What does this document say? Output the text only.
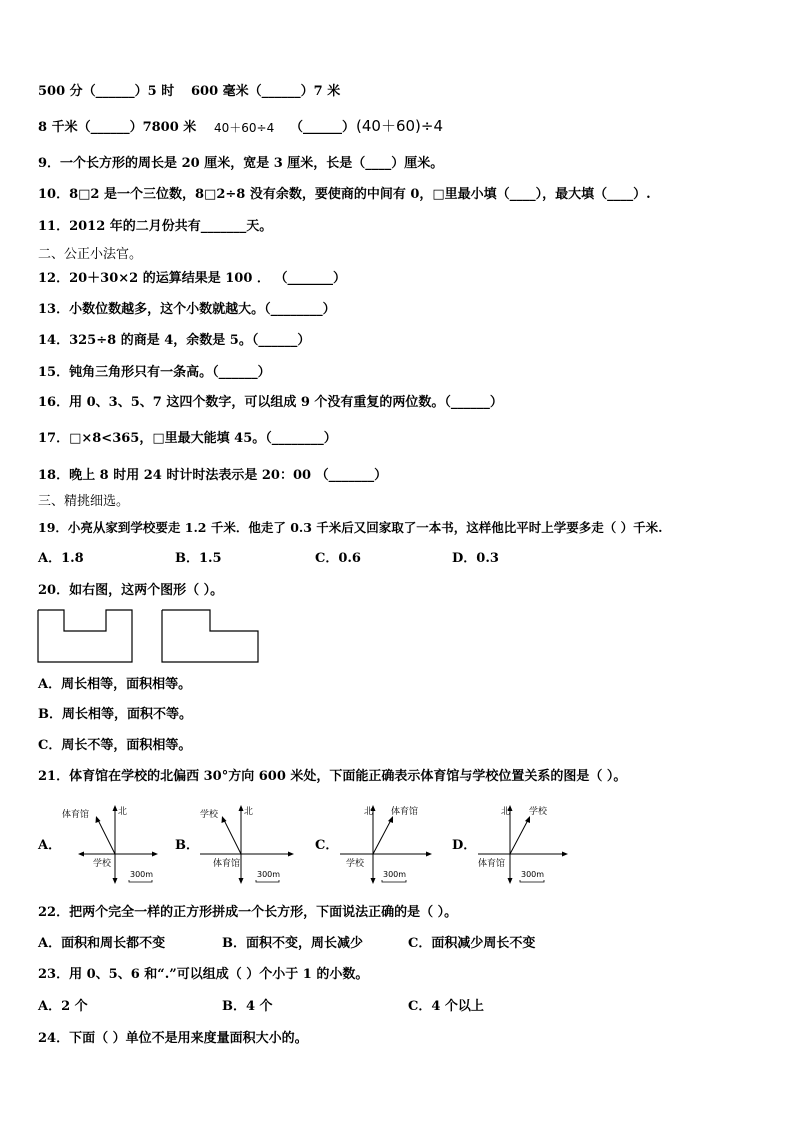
500 分（______）5 时 600 毫米（______）7 米
8 千米（______）7800 米 40＋60÷4 （______） (40＋60)÷4
9．一个长方形的周长是 20 厘米，宽是 3 厘米，长是（____）厘米。
10．8□2 是一个三位数，8□2÷8 没有余数，要使商的中间有 0，□里最小填（____），最大填（____）.
11．2012 年的二月份共有_______天。
二、公正小法官。
12．20＋30×2 的运算结果是 100 ． （_______）
13．小数位数越多，这个小数就越大。（________）
14．325÷8 的商是 4，余数是 5。（______）
15．钝角三角形只有一条高。（______）
16．用 0、3、5、7 这四个数字，可以组成 9 个没有重复的两位数。（______）
17．□×8<365，□里最大能填 45。（________）
18．晚上 8 时用 24 时计时法表示是 20：00 （_______）
三、精挑细选。
19．小亮从家到学校要走 1.2 千米．他走了 0.3 千米后又回家取了一本书，这样他比平时上学要多走（ ）千米.
A．1.8	B．1.5	C．0.6	D．0.3
20．如右图，这两个图形（ ）。
A．周长相等，面积相等。
B．周长相等，面积不等。
C．周长不等，面积相等。
21．体育馆在学校的北偏西 30°方向 600 米处，下面能正确表示体育馆与学校位置关系的图是（ ）。
A．	B．	C．	D．
体育馆	北
学校
300m
学校	北
体育馆
300m
北 体育馆
学校
300m
北 学校
体育馆
300m
22．把两个完全一样的正方形拼成一个长方形，下面说法正确的是（ ）。
A．面积和周长都不变	B．面积不变，周长减少	C．面积减少周长不变
23．用 0、5、6 和“.”可以组成（ ）个小于 1 的小数。
A．2 个	B．4 个	C．4 个以上
24．下面（ ）单位不是用来度量面积大小的。
